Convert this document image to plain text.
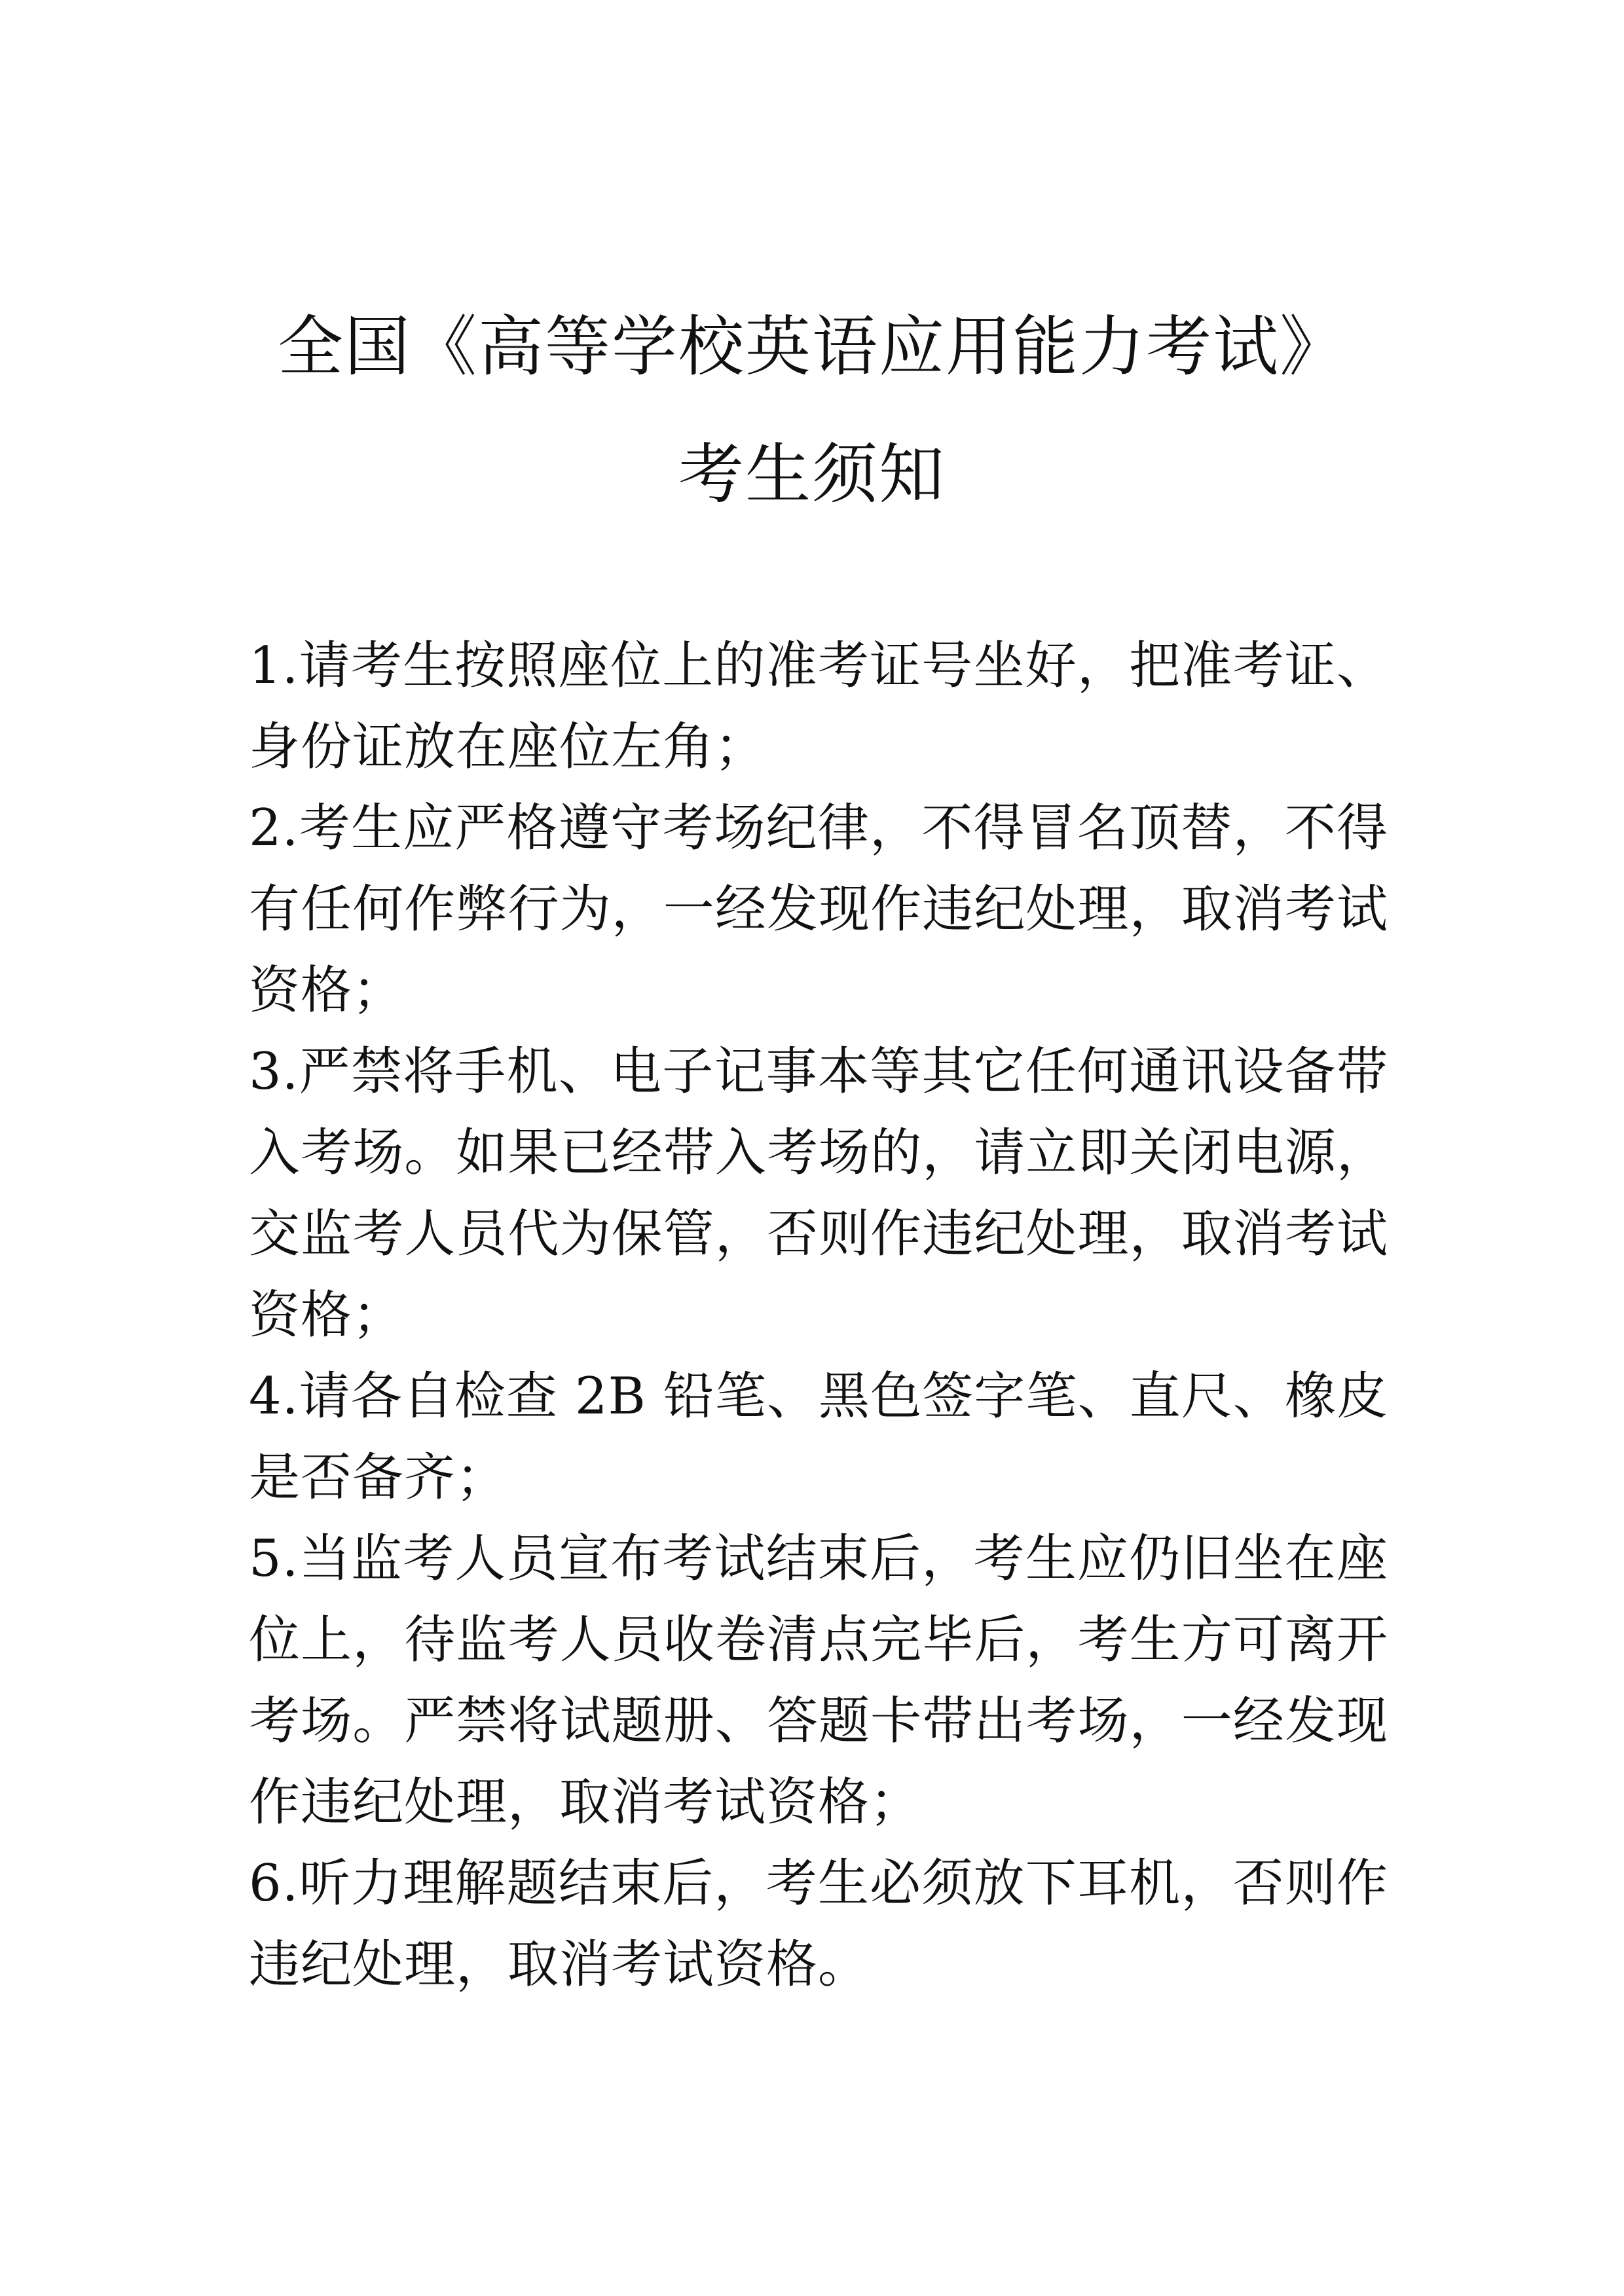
全国《高等学校英语应用能力考试》
考生须知
1.请考生按照座位上的准考证号坐好，把准考证、身份证放在座位左角；
2.考生应严格遵守考场纪律，不得冒名顶替，不得有任何作弊行为，一经发现作违纪处理，取消考试资格；
3.严禁将手机、电子记事本等其它任何通讯设备带入考场。如果已经带入考场的，请立即关闭电源，交监考人员代为保管，否则作违纪处理，取消考试资格；
4.请各自检查 2B 铅笔、黑色签字笔、直尺、橡皮是否备齐；
5.当监考人员宣布考试结束后，考生应仍旧坐在座位上，待监考人员收卷清点完毕后，考生方可离开考场。严禁将试题册、答题卡带出考场，一经发现作违纪处理，取消考试资格；
6.听力理解题结束后，考生必须放下耳机，否则作违纪处理，取消考试资格。
